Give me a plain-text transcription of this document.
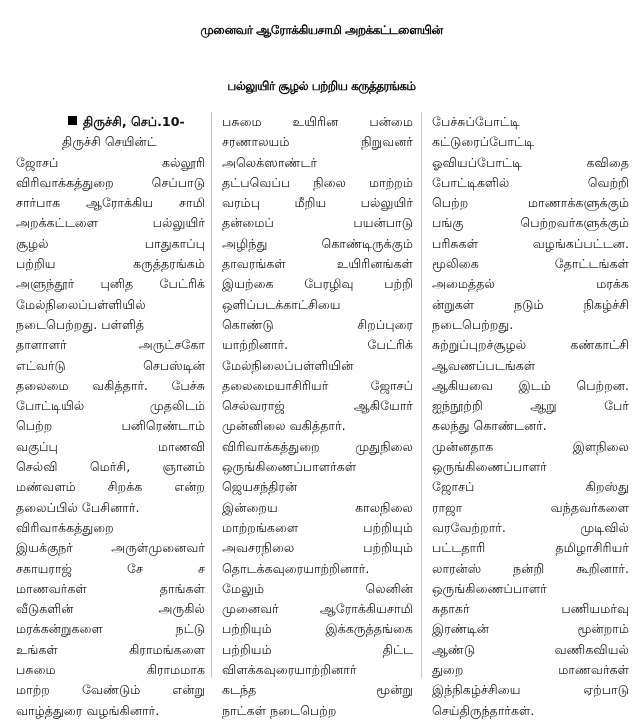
முனைவர் ஆரோக்கியசாமி அறக்கட்டளையின்
பல்லுயிர் சூழல் பற்றிய கருத்தரங்கம்
திருச்சி, செப்.10-
திருச்சி செயின்ட்
ஜோசப் கல்லூரி
விரிவாக்கத்துறை செப்பாடு
சார்பாக ஆரோக்கிய சாமி
அறக்கட்டளை பல்லுயிர்
சூழல் பாதுகாப்பு
பற்றிய கருத்தரங்கம்
அளுந்தூர் புனித பேட்ரிக்
மேல்நிலைப்பள்ளியில்
நடைபெற்றது. பள்ளித்
தாளாளர் அருட்சகோ
எட்வர்டு செபஸ்டின்
தலைமை வகித்தார். பேச்சு
போட்டியில் முதலிடம்
பெற்ற பனிரெண்டாம்
வகுப்பு மாணவி
செல்வி மெர்சி, ஞானம்
மண்வளம் சிறக்க என்ற
தலைப்பில் பேசினார்.
விரிவாக்கத்துறை
இயக்குநர் அருள்முனைவர்
சகாயராஜ் சே ச
மாணவர்கள் தாங்கள்
வீடுகளின் அருகில்
மரக்கன்றுகளை நட்டு
உங்கள் கிராமங்களை
பசுமை கிராமமாக
மாற்ற வேண்டும் என்று
வாழ்த்துரை வழங்கினார்.
பசுமை உயிரின பன்மை
சரணாலயம் நிறுவனர்
அலெக்ஸாண்டர்
தட்பவெப்ப நிலை மாற்றம்
வரம்பு மீறிய பல்லுயிர்
தன்மைப் பயன்பாடு
அழிந்து கொண்டிருக்கும்
தாவரங்கள் உயிரினங்கள்
இயற்கை பேரழிவு பற்றி
ஒளிப்படக்காட்சியை
கொண்டு சிறப்புரை
யாற்றினார். பேட்ரிக்
மேல்நிலைப்பள்ளியின்
தலைமையாசிரியர் ஜோசப்
செல்வராஜ் ஆகியோர்
முன்னிலை வகித்தார்.
விரிவாக்கத்துறை முதுநிலை
ஒருங்கிணைப்பாளர்கள்
ஜெயசந்திரன்
இன்றைய காலநிலை
மாற்றங்களை பற்றியும்
அவசரநிலை பற்றியும்
தொடக்கவுரையாற்றினார்.
மேலும் லெனின்
முனைவர் ஆரோக்கியசாமி
பற்றியும் இக்கருத்தங்கை
பற்றியம் திட்ட
விளக்கவுரையாற்றினார்
கடந்த மூன்று
நாட்கள் நடைபெற்ற
பேச்சுப்போட்டி
கட்டுரைப்போட்டி
ஓவியப்போட்டி கவிதை
போட்டிகளில் வெற்றி
பெற்ற மாணாக்களுக்கும்
பங்கு பெற்றவர்களுக்கும்
பரிசுகள் வழங்கப்பட்டன.
மூலிகை தோட்டங்கள்
அமைத்தல் மரக்க
ன்றுகள் நடும் நிகழ்ச்சி
நடைபெற்றது.
சுற்றுப்புறச்சூழல் கண்காட்சி
ஆவணப்படங்கள்
ஆகியவை இடம் பெற்றன.
ஐந்நூற்றி ஆறு பேர்
கலந்து கொண்டனர்.
முன்னதாக இளநிலை
ஒருங்கிணைப்பாளர்
ஜோசப் கிறஸ்து
ராஜா வந்தவர்களை
வரவேற்றார். முடிவில்
பட்டதாரி தமிழாசிரியர்
லாரன்ஸ் நன்றி கூறினார்.
ஒருங்கிணைப்பாளர்
சுதாகர் பணியமர்வு
இரண்டின் மூன்றாம்
ஆண்டு வணிகவியல்
துறை மாணவர்கள்
இந்நிகழ்ச்சியை ஏற்பாடு
செய்திருந்தார்கள்.
